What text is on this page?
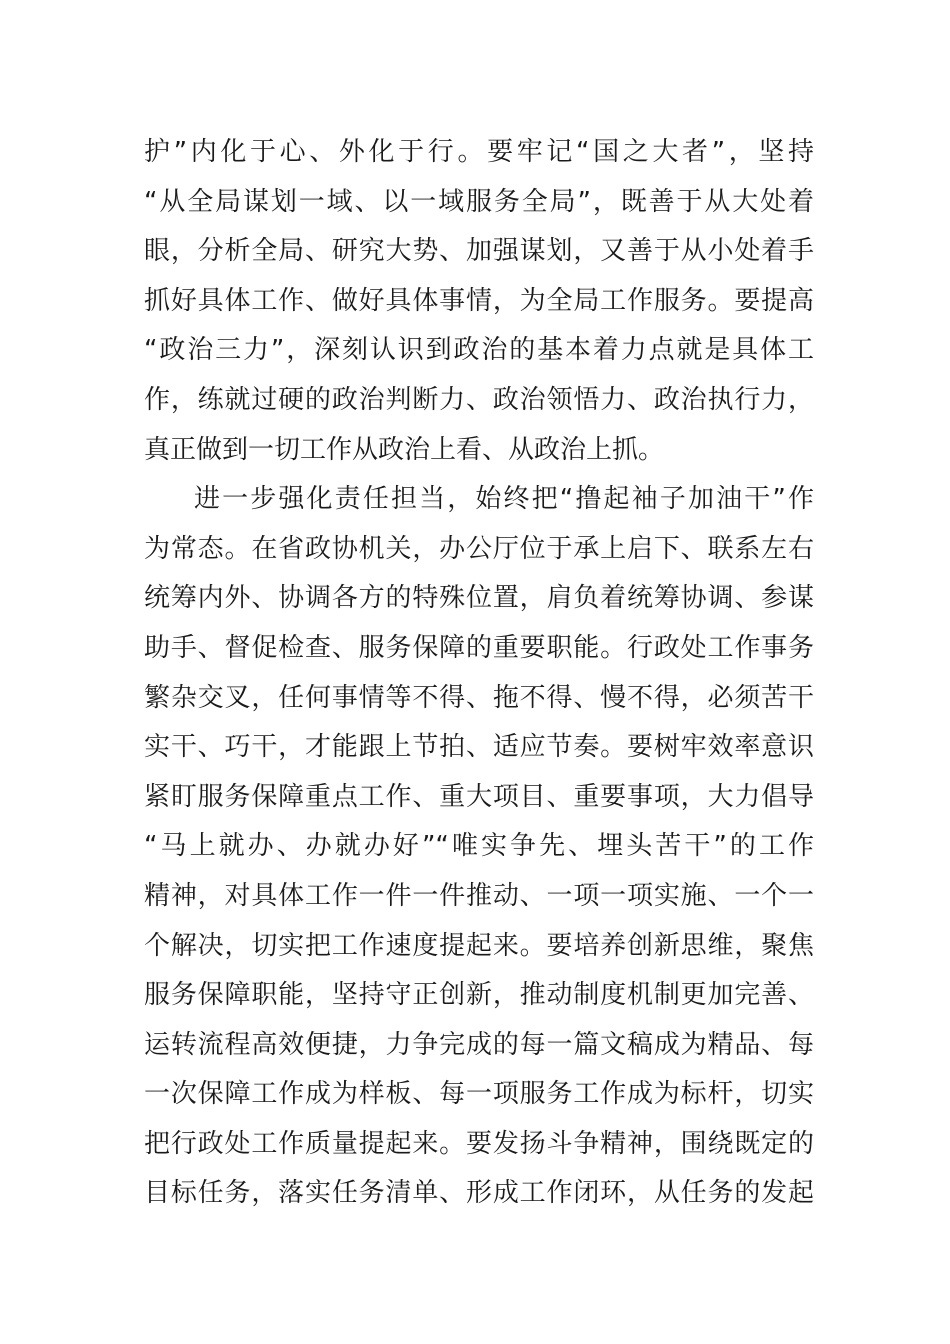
护”内化于心、外化于行。要牢记“国之大者”，坚持
“从全局谋划一域、以一域服务全局”，既善于从大处着
眼，分析全局、研究大势、加强谋划，又善于从小处着手
抓好具体工作、做好具体事情，为全局工作服务。要提高
“政治三力”，深刻认识到政治的基本着力点就是具体工
作，练就过硬的政治判断力、政治领悟力、政治执行力，
真正做到一切工作从政治上看、从政治上抓。
进一步强化责任担当，始终把“撸起袖子加油干”作
为常态。在省政协机关，办公厅位于承上启下、联系左右
统筹内外、协调各方的特殊位置，肩负着统筹协调、参谋
助手、督促检查、服务保障的重要职能。行政处工作事务
繁杂交叉，任何事情等不得、拖不得、慢不得，必须苦干
实干、巧干，才能跟上节拍、适应节奏。要树牢效率意识
紧盯服务保障重点工作、重大项目、重要事项，大力倡导
“马上就办、办就办好”“唯实争先、埋头苦干”的工作
精神，对具体工作一件一件推动、一项一项实施、一个一
个解决，切实把工作速度提起来。要培养创新思维，聚焦
服务保障职能，坚持守正创新，推动制度机制更加完善、
运转流程高效便捷，力争完成的每一篇文稿成为精品、每
一次保障工作成为样板、每一项服务工作成为标杆，切实
把行政处工作质量提起来。要发扬斗争精神，围绕既定的
目标任务，落实任务清单、形成工作闭环，从任务的发起
